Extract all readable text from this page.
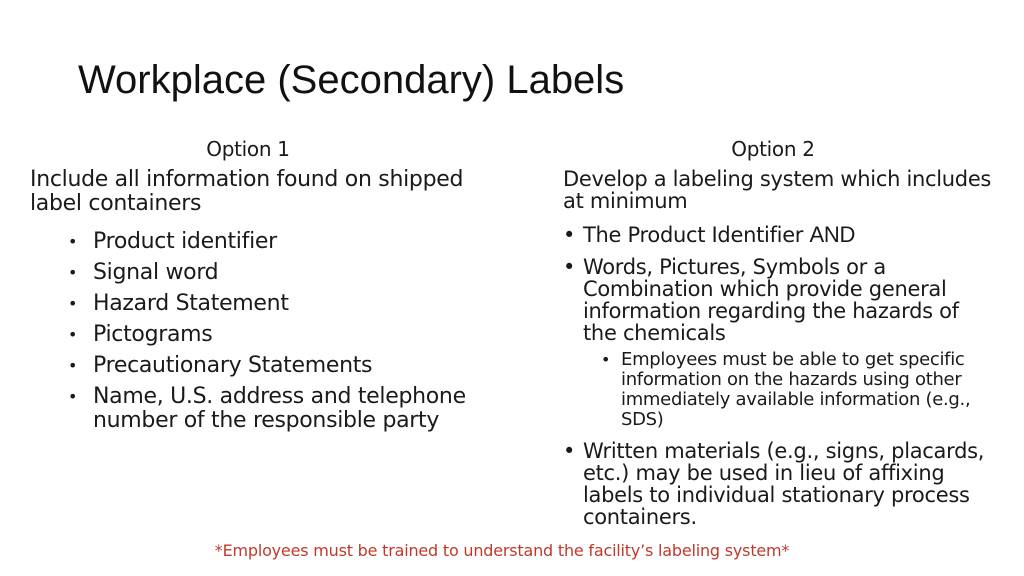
Workplace (Secondary) Labels
Option 1
Include all information found on shipped label containers
• Product identifier
• Signal word
• Hazard Statement
• Pictograms
• Precautionary Statements
• Name, U.S. address and telephone number of the responsible party
Option 2
Develop a labeling system which includes at minimum
• The Product Identifier AND
• Words, Pictures, Symbols or a Combination which provide general information regarding the hazards of the chemicals
• Employees must be able to get specific information on the hazards using other immediately available information (e.g., SDS)
• Written materials (e.g., signs, placards, etc.) may be used in lieu of affixing labels to individual stationary process containers.
*Employees must be trained to understand the facility’s labeling system*
